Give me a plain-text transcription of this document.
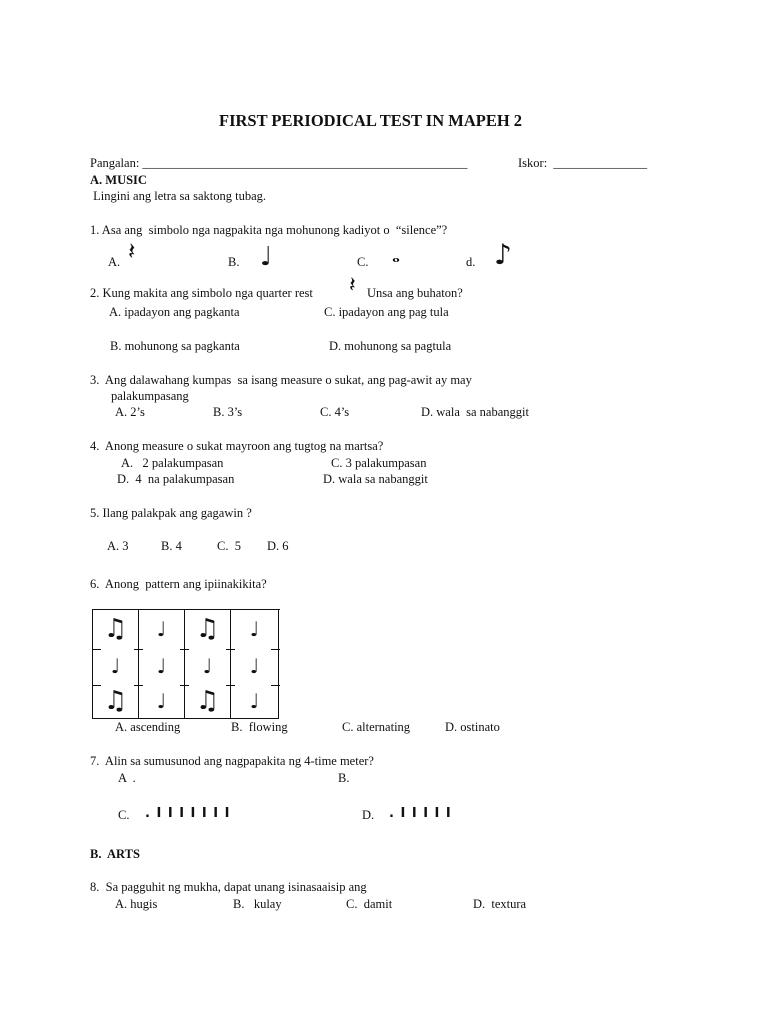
FIRST PERIODICAL TEST IN MAPEH 2
Pangalan: ____________________________________________________	Iskor:  _______________
A. MUSIC
Lingini ang letra sa saktong tubag.
1. Asa ang  simbolo nga nagpakita nga mohunong kadiyot o  “silence”?
A. 𝄽	B. ♩	C. 𝅝	d. ♪
2. Kung makita ang simbolo nga quarter rest 𝄽 Unsa ang buhaton?
A. ipadayon ang pagkanta	C. ipadayon ang pag tula
B. mohunong sa pagkanta	D. mohunong sa pagtula
3.  Ang dalawahang kumpas  sa isang measure o sukat, ang pag-awit ay may
palakumpasang
A. 2’s	B. 3’s	C. 4’s	D. wala  sa nabanggit
4.  Anong measure o sukat mayroon ang tugtog na martsa?
A.   2 palakumpasan	C. 3 palakumpasan
D.  4  na palakumpasan	D. wala sa nabanggit
5. Ilang palakpak ang gagawin ?
A. 3	B. 4	C.  5 D. 6
6.  Anong  pattern ang ipiinakikita?
♫	♩	♫	♩
♩	♩	♩	♩
♫	♩	♫	♩
A. ascending	B.  flowing	C. alternating	D. ostinato
7.  Alin sa sumusunod ang nagpapakita ng 4-time meter?
A  .	B.
C. . I I I I I I I	D. . I I I I I
B.  ARTS
8.  Sa pagguhit ng mukha, dapat unang isinasaaisip ang
A. hugis	B.   kulay	C.  damit	D.  textura
